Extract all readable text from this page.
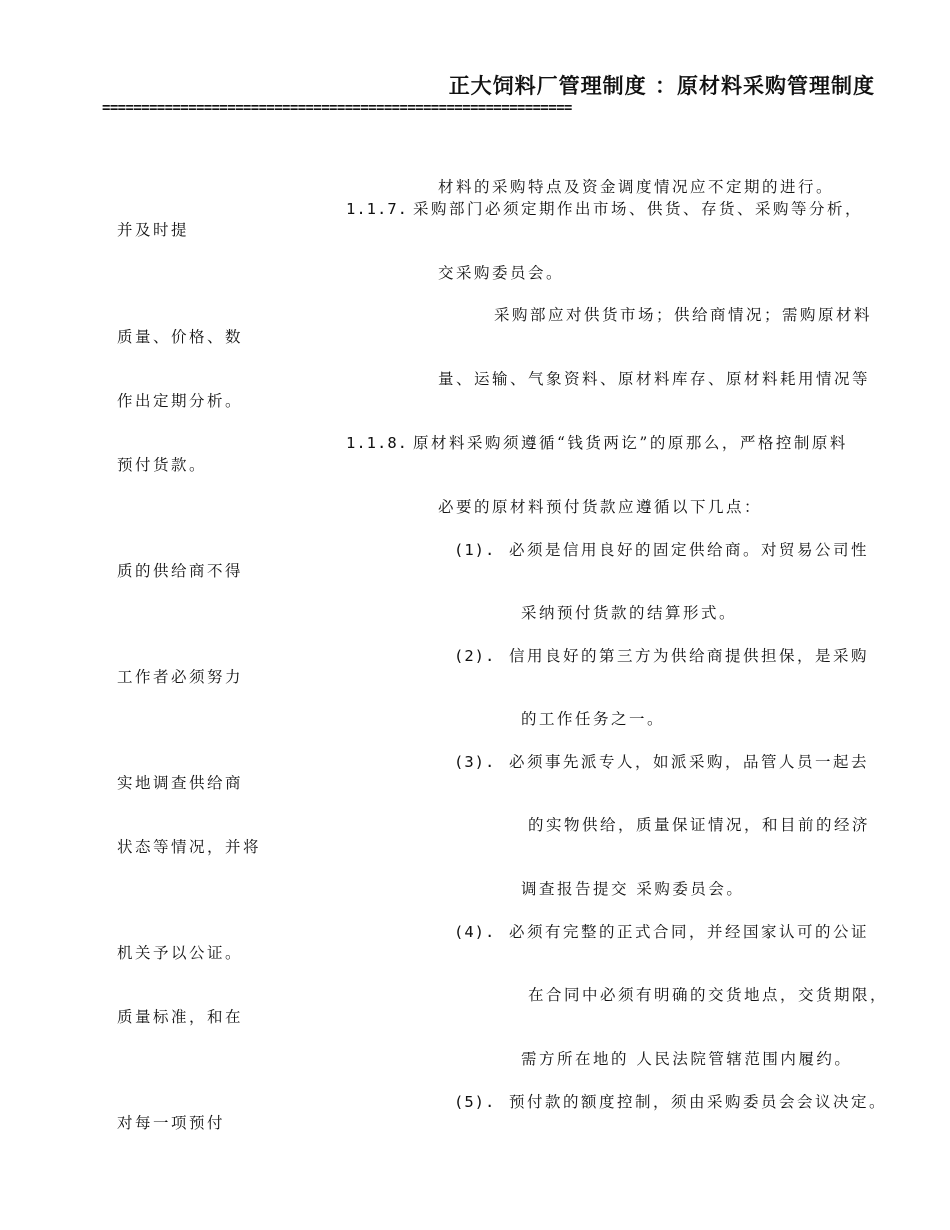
正大饲料厂管理制度 ：原材料采购管理制度
============================================================
材料的采购特点及资金调度情况应不定期的进行。
1.1.7. 采购部门必须定期作出市场、供货、存货、采购等分析，
并及时提
交采购委员会。
采购部应对供货市场；供给商情况；需购原材料
质量、价格、数
量、运输、气象资料、原材料库存、原材料耗用情况等
作出定期分析。
1.1.8. 原材料采购须遵循“钱货两讫”的原那么，严格控制原料
预付货款。
必要的原材料预付货款应遵循以下几点：
(1). 必须是信用良好的固定供给商。对贸易公司性
质的供给商不得
采纳预付货款的结算形式。
(2). 信用良好的第三方为供给商提供担保，是采购
工作者必须努力
的工作任务之一。
(3). 必须事先派专人，如派采购，品管人员一起去
实地调查供给商
的实物供给，质量保证情况，和目前的经济
状态等情况，并将
调查报告提交 采购委员会。
(4). 必须有完整的正式合同，并经国家认可的公证
机关予以公证。
在合同中必须有明确的交货地点，交货期限，
质量标准，和在
需方所在地的 人民法院管辖范围内履约。
(5). 预付款的额度控制，须由采购委员会会议决定。
对每一项预付
